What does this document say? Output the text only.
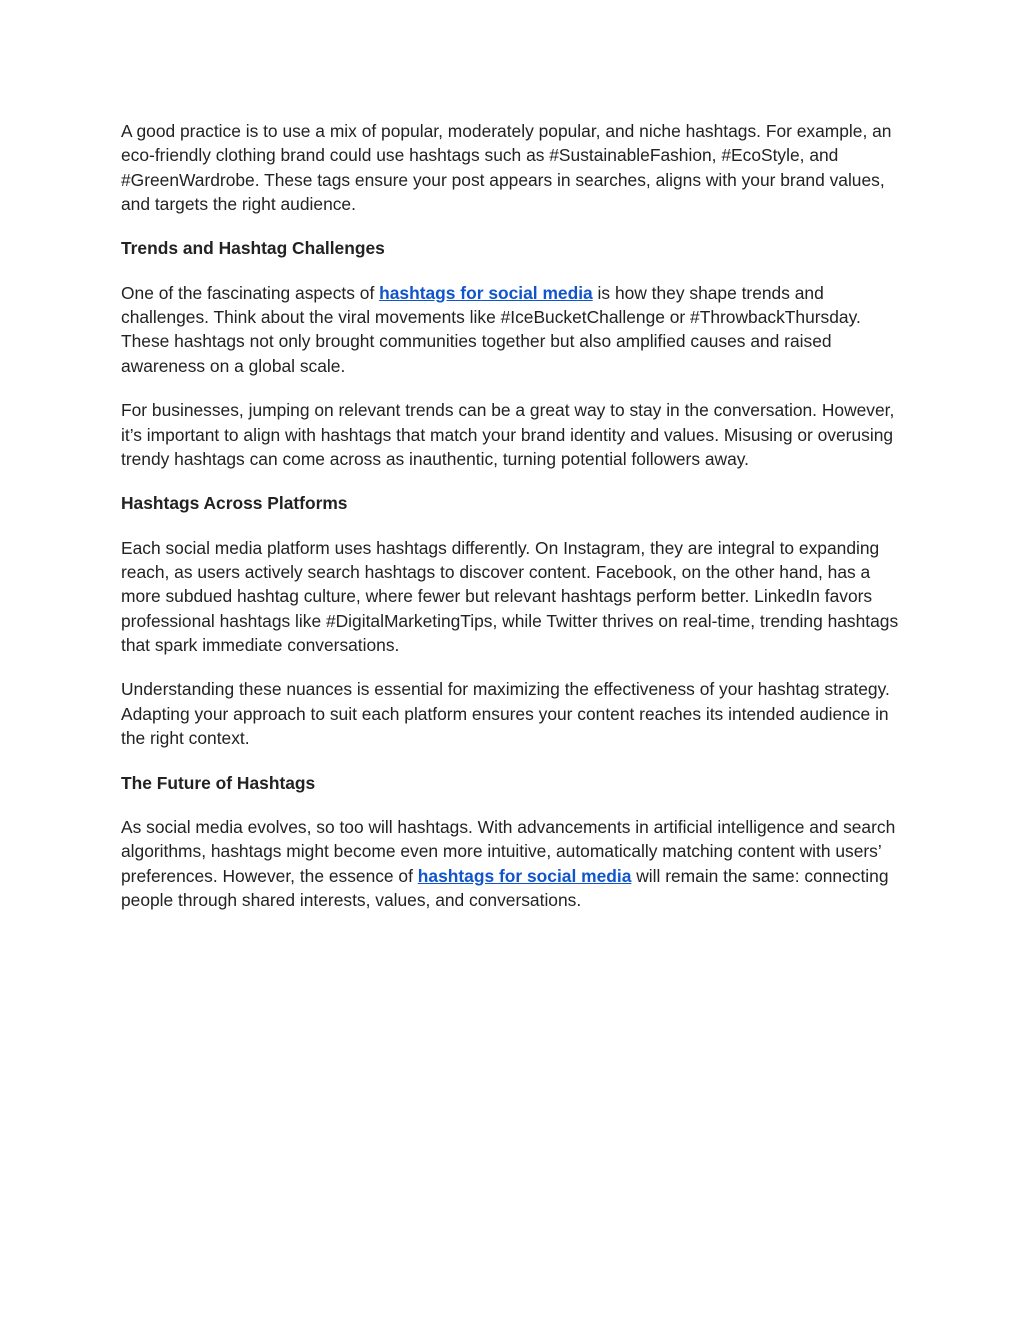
A good practice is to use a mix of popular, moderately popular, and niche hashtags. For example, an eco-friendly clothing brand could use hashtags such as #SustainableFashion, #EcoStyle, and #GreenWardrobe. These tags ensure your post appears in searches, aligns with your brand values, and targets the right audience.

Trends and Hashtag Challenges

One of the fascinating aspects of hashtags for social media is how they shape trends and challenges. Think about the viral movements like #IceBucketChallenge or #ThrowbackThursday. These hashtags not only brought communities together but also amplified causes and raised awareness on a global scale.

For businesses, jumping on relevant trends can be a great way to stay in the conversation. However, it’s important to align with hashtags that match your brand identity and values. Misusing or overusing trendy hashtags can come across as inauthentic, turning potential followers away.

Hashtags Across Platforms

Each social media platform uses hashtags differently. On Instagram, they are integral to expanding reach, as users actively search hashtags to discover content. Facebook, on the other hand, has a more subdued hashtag culture, where fewer but relevant hashtags perform better. LinkedIn favors professional hashtags like #DigitalMarketingTips, while Twitter thrives on real-time, trending hashtags that spark immediate conversations.

Understanding these nuances is essential for maximizing the effectiveness of your hashtag strategy. Adapting your approach to suit each platform ensures your content reaches its intended audience in the right context.

The Future of Hashtags

As social media evolves, so too will hashtags. With advancements in artificial intelligence and search algorithms, hashtags might become even more intuitive, automatically matching content with users’ preferences. However, the essence of hashtags for social media will remain the same: connecting people through shared interests, values, and conversations.
